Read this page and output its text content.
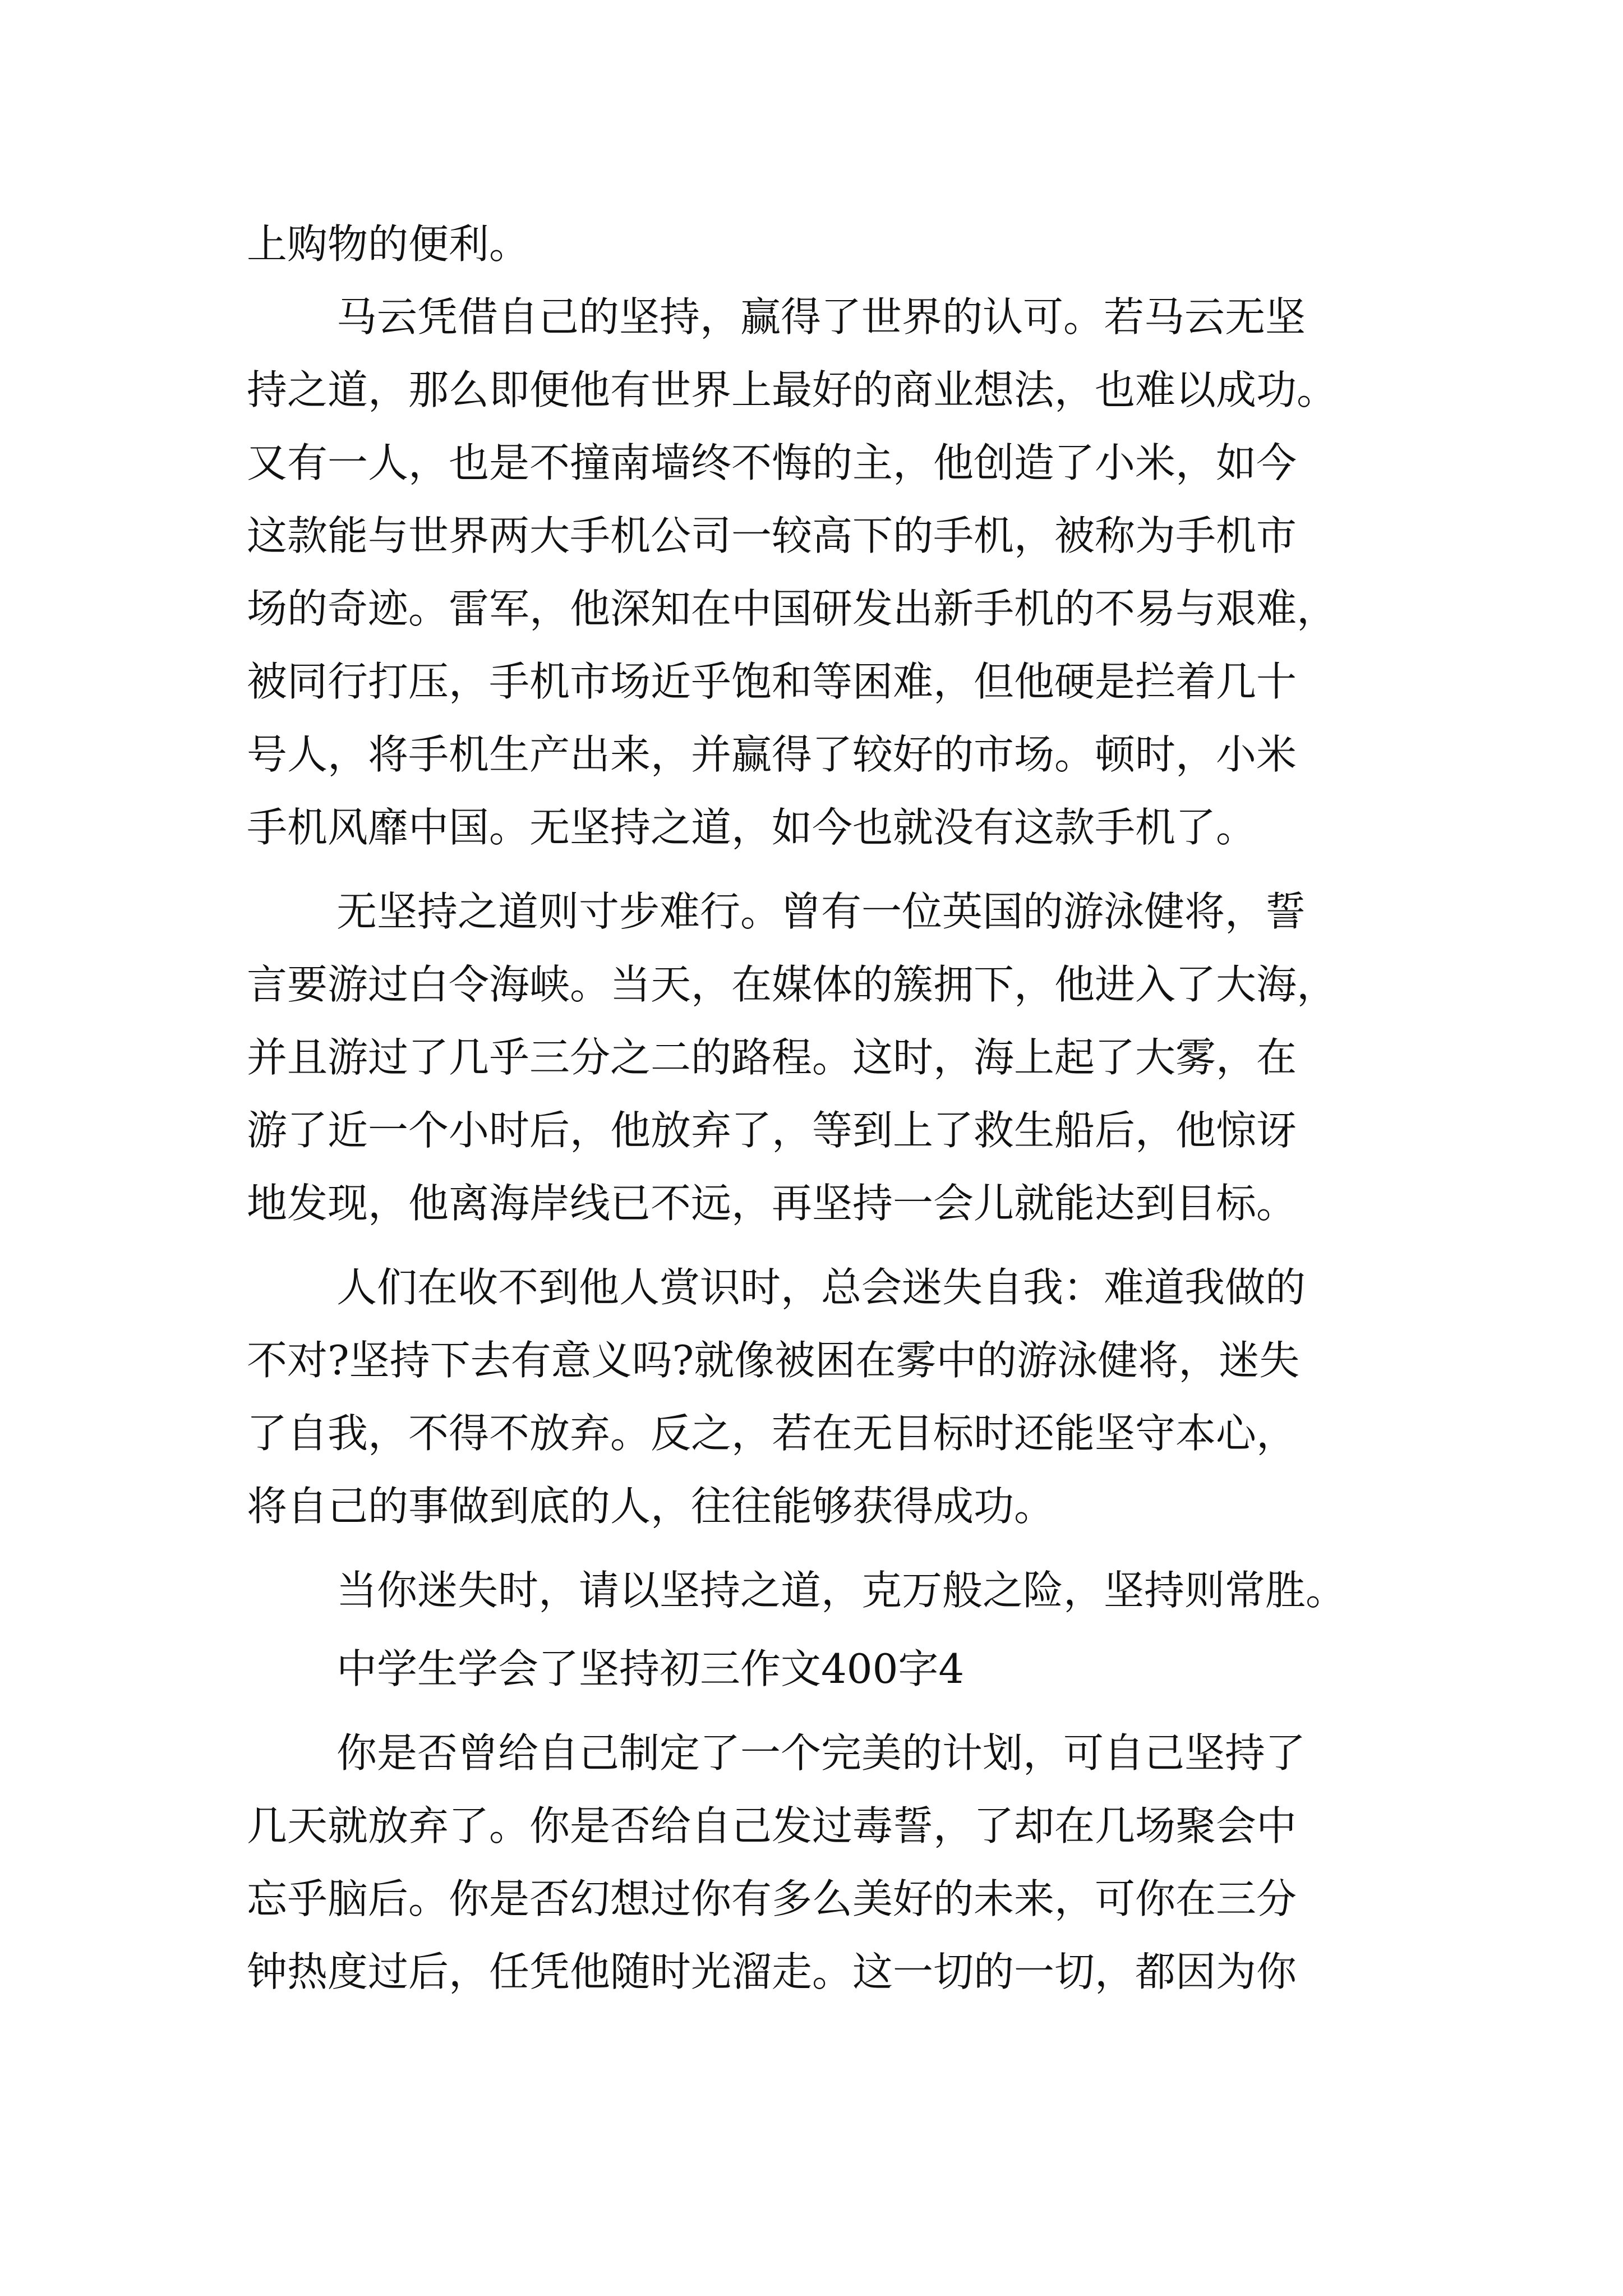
上购物的便利。

马云凭借自己的坚持，赢得了世界的认可。若马云无坚

持之道，那么即便他有世界上最好的商业想法，也难以成功。

又有一人，也是不撞南墙终不悔的主，他创造了小米，如今

这款能与世界两大手机公司一较高下的手机，被称为手机市

场的奇迹。雷军，他深知在中国研发出新手机的不易与艰难，

被同行打压，手机市场近乎饱和等困难，但他硬是拦着几十

号人，将手机生产出来，并赢得了较好的市场。顿时，小米

手机风靡中国。无坚持之道，如今也就没有这款手机了。

无坚持之道则寸步难行。曾有一位英国的游泳健将，誓

言要游过白令海峡。当天，在媒体的簇拥下，他进入了大海，

并且游过了几乎三分之二的路程。这时，海上起了大雾，在

游了近一个小时后，他放弃了，等到上了救生船后，他惊讶

地发现，他离海岸线已不远，再坚持一会儿就能达到目标。

人们在收不到他人赏识时，总会迷失自我：难道我做的

不对?坚持下去有意义吗?就像被困在雾中的游泳健将，迷失

了自我，不得不放弃。反之，若在无目标时还能坚守本心，

将自己的事做到底的人，往往能够获得成功。

当你迷失时，请以坚持之道，克万般之险，坚持则常胜。

中学生学会了坚持初三作文400字4

你是否曾给自己制定了一个完美的计划，可自己坚持了

几天就放弃了。你是否给自己发过毒誓，了却在几场聚会中

忘乎脑后。你是否幻想过你有多么美好的未来，可你在三分

钟热度过后，任凭他随时光溜走。这一切的一切，都因为你
